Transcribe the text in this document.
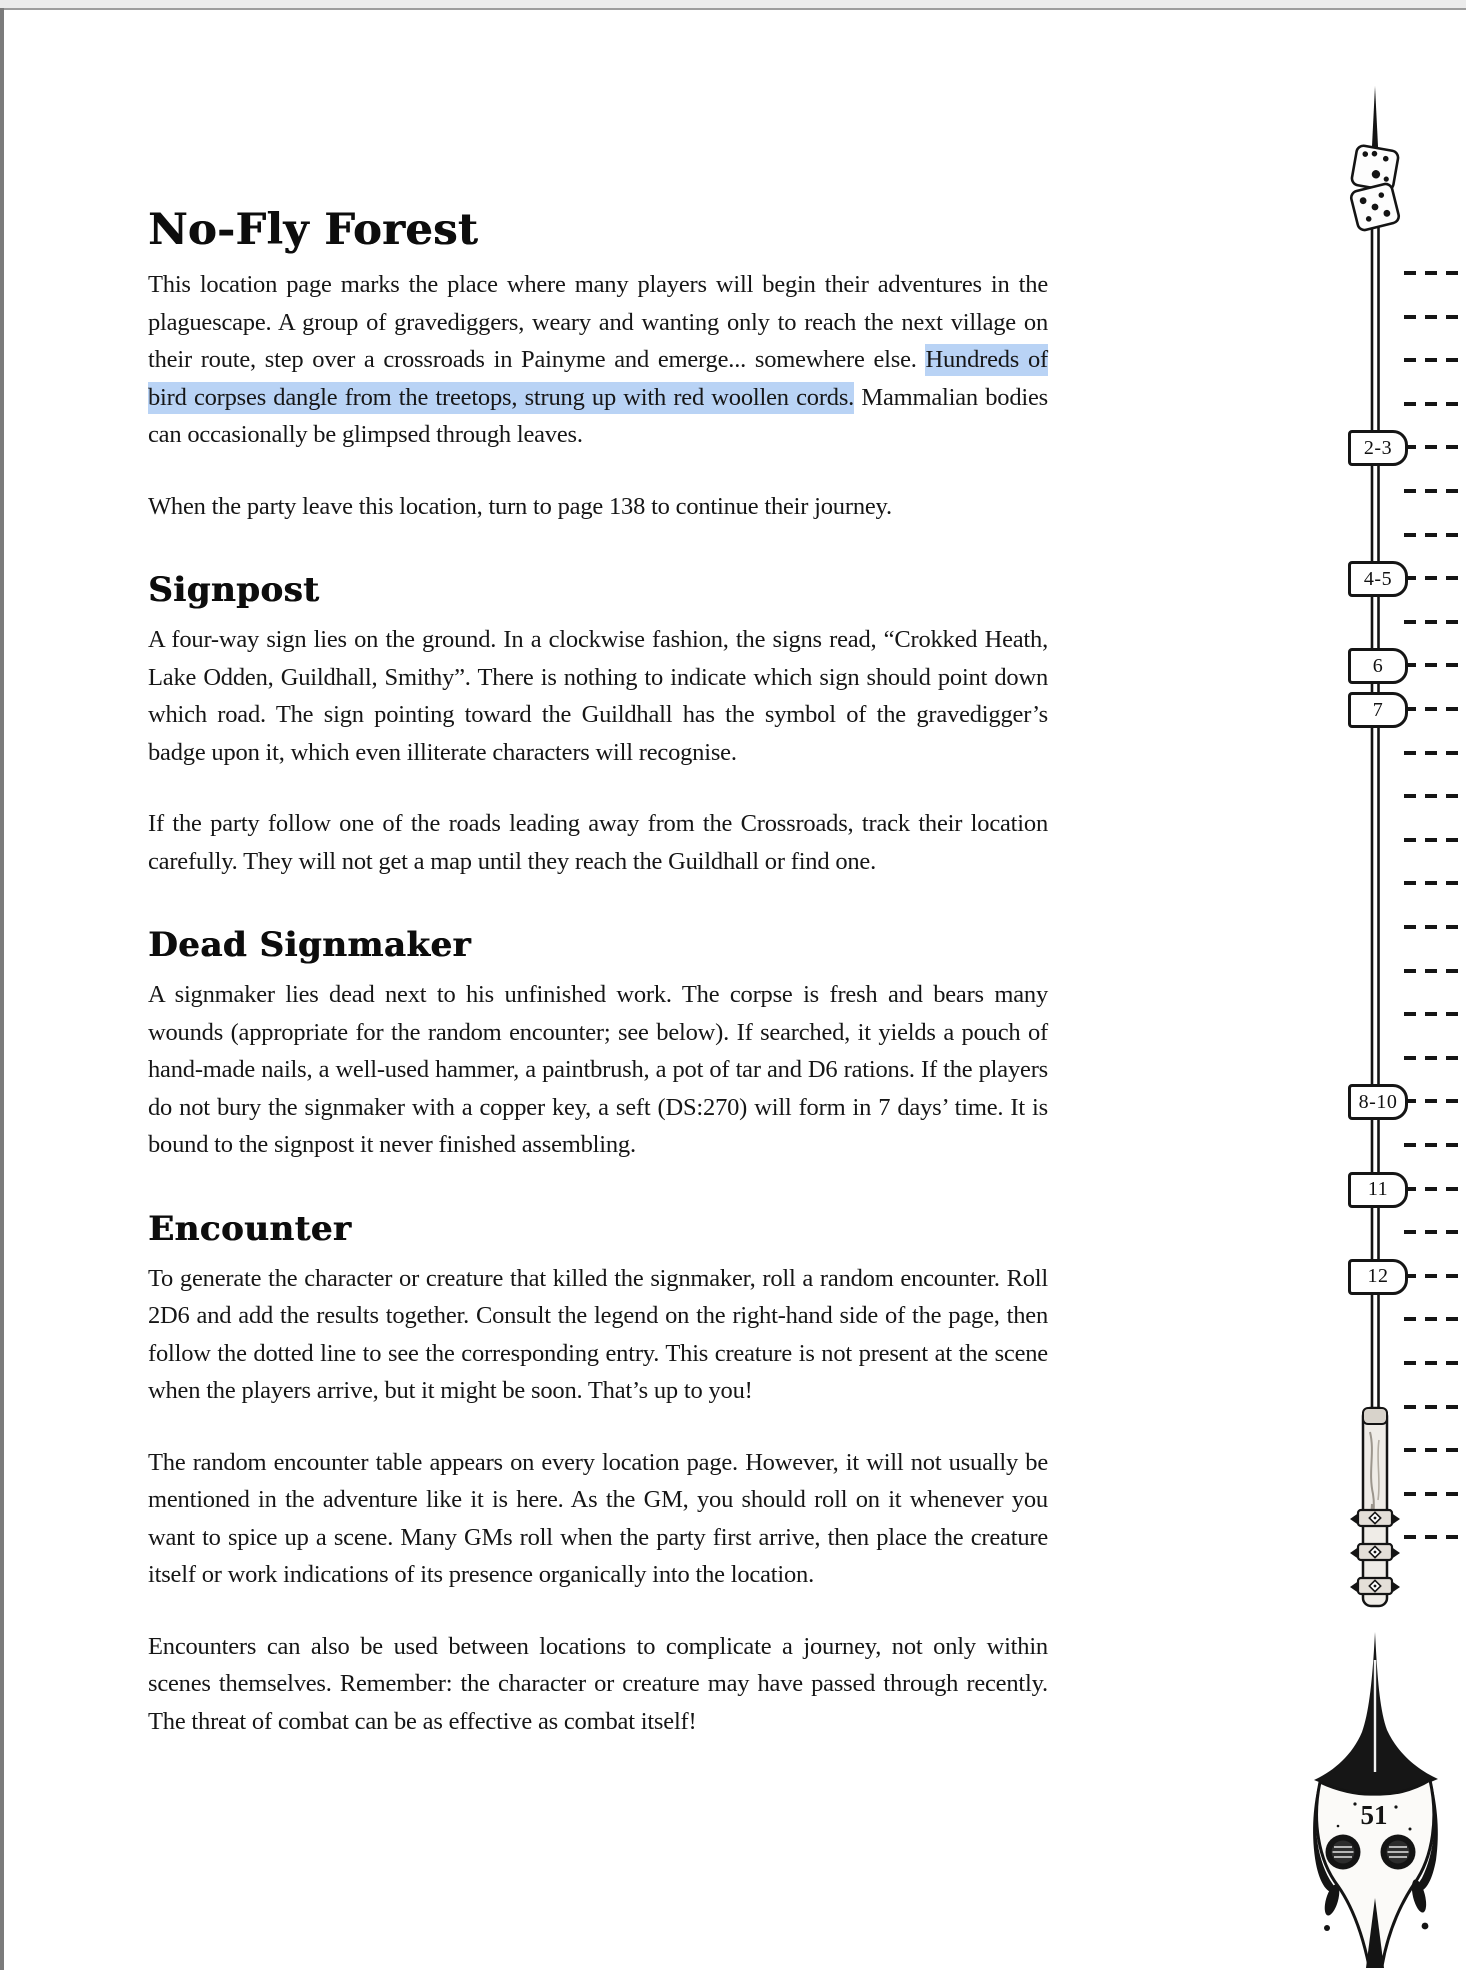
2-3
4-5
6
7
8-10
11
12
51
No-Fly Forest

This location page marks the place where many players will begin their adventures in the plaguescape. A group of gravediggers, weary and wanting only to reach the next village on their route, step over a crossroads in Painyme and emerge... somewhere else. Hundreds of bird corpses dangle from the treetops, strung up with red woollen cords. Mammalian bodies can occasionally be glimpsed through leaves.

When the party leave this location, turn to page 138 to continue their journey.

Signpost

A four-way sign lies on the ground. In a clockwise fashion, the signs read, “Crokked Heath, Lake Odden, Guildhall, Smithy”. There is nothing to indicate which sign should point down which road. The sign pointing toward the Guildhall has the symbol of the gravedigger’s badge upon it, which even illiterate characters will recognise.

If the party follow one of the roads leading away from the Crossroads, track their location carefully. They will not get a map until they reach the Guildhall or find one.

Dead Signmaker

A signmaker lies dead next to his unfinished work. The corpse is fresh and bears many wounds (appropriate for the random encounter; see below). If searched, it yields a pouch of hand-made nails, a well-used hammer, a paintbrush, a pot of tar and D6 rations. If the players do not bury the signmaker with a copper key, a seft (DS:270) will form in 7 days’ time. It is bound to the signpost it never finished assembling.

Encounter

To generate the character or creature that killed the signmaker, roll a random encounter. Roll 2D6 and add the results together. Consult the legend on the right-hand side of the page, then follow the dotted line to see the corresponding entry. This creature is not present at the scene when the players arrive, but it might be soon. That’s up to you!

The random encounter table appears on every location page. However, it will not usually be mentioned in the adventure like it is here. As the GM, you should roll on it whenever you want to spice up a scene. Many GMs roll when the party first arrive, then place the creature itself or work indications of its presence organically into the location.

Encounters can also be used between locations to complicate a journey, not only within scenes themselves. Remember: the character or creature may have passed through recently. The threat of combat can be as effective as combat itself!
